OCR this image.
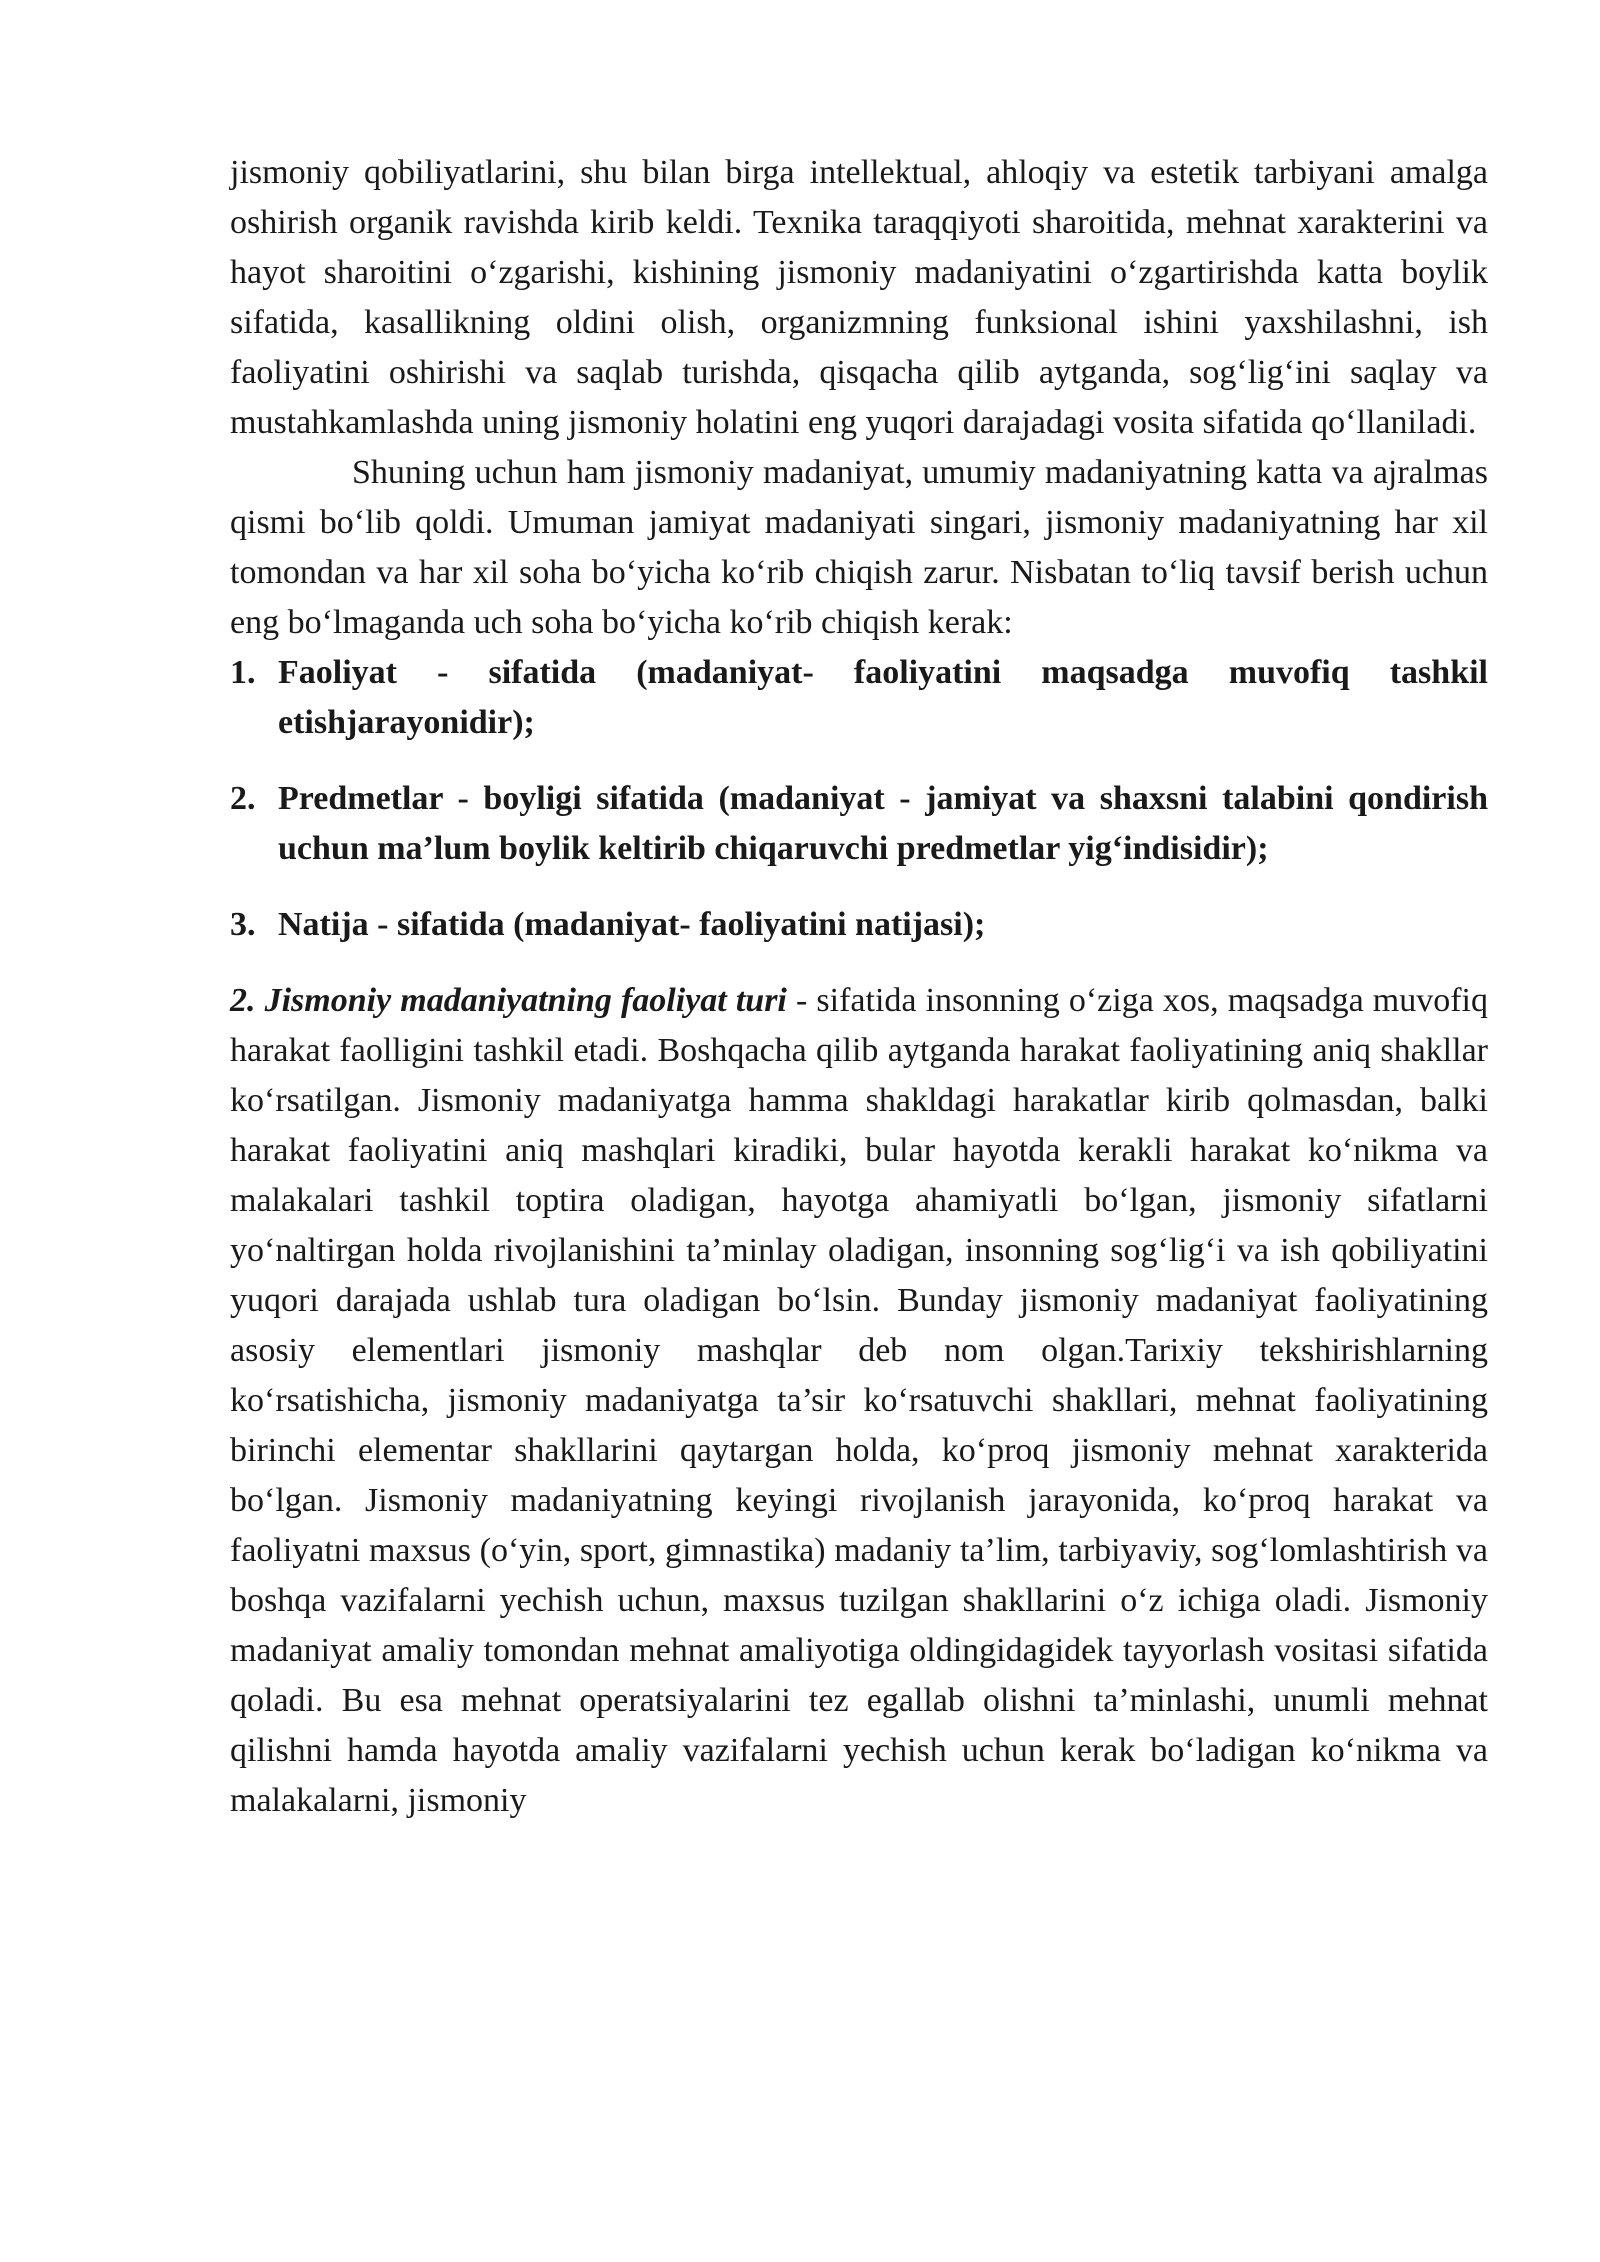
jismoniy qobiliyatlarini, shu bilan birga intellektual, ahloqiy va estetik tarbiyani amalga oshirish organik ravishda kirib keldi. Texnika taraqqiyoti sharoitida, mehnat xarakterini va hayot sharoitini o‘zgarishi, kishining jismoniy madaniyatini o‘zgartirishda katta boylik sifatida, kasallikning oldini olish, organizmning funksional ishini yaxshilashni, ish faoliyatini oshirishi va saqlab turishda, qisqacha qilib aytganda, sog‘lig‘ini saqlay va mustahkamlashda uning jismoniy holatini eng yuqori darajadagi vosita sifatida qo‘llaniladi.

Shuning uchun ham jismoniy madaniyat, umumiy madaniyatning katta va ajralmas qismi bo‘lib qoldi. Umuman jamiyat madaniyati singari, jismoniy madaniyatning har xil tomondan va har xil soha bo‘yicha ko‘rib chiqish zarur. Nisbatan to‘liq tavsif berish uchun eng bo‘lmaganda uch soha bo‘yicha ko‘rib chiqish kerak:

1. Faoliyat - sifatida (madaniyat- faoliyatini maqsadga muvofiq tashkil etishjarayonidir);
2. Predmetlar - boyligi sifatida (madaniyat - jamiyat va shaxsni talabini qondirish uchun ma’lum boylik keltirib chiqaruvchi predmetlar yig‘indisidir);
3. Natija - sifatida (madaniyat- faoliyatini natijasi);

2. Jismoniy madaniyatning faoliyat turi - sifatida insonning o‘ziga xos, maqsadga muvofiq harakat faolligini tashkil etadi. Boshqacha qilib aytganda harakat faoliyatining aniq shakllar ko‘rsatilgan. Jismoniy madaniyatga hamma shakldagi harakatlar kirib qolmasdan, balki harakat faoliyatini aniq mashqlari kiradiki, bular hayotda kerakli harakat ko‘nikma va malakalari tashkil toptira oladigan, hayotga ahamiyatli bo‘lgan, jismoniy sifatlarni yo‘naltirgan holda rivojlanishini ta’minlay oladigan, insonning sog‘lig‘i va ish qobiliyatini yuqori darajada ushlab tura oladigan bo‘lsin. Bunday jismoniy madaniyat faoliyatining asosiy elementlari jismoniy mashqlar deb nom olgan.Tarixiy tekshirishlarning ko‘rsatishicha, jismoniy madaniyatga ta’sir ko‘rsatuvchi shakllari, mehnat faoliyatining birinchi elementar shakllarini qaytargan holda, ko‘proq jismoniy mehnat xarakterida bo‘lgan. Jismoniy madaniyatning keyingi rivojlanish jarayonida, ko‘proq harakat va faoliyatni maxsus (o‘yin, sport, gimnastika) madaniy ta’lim, tarbiyaviy, sog‘lomlashtirish va boshqa vazifalarni yechish uchun, maxsus tuzilgan shakllarini o‘z ichiga oladi. Jismoniy madaniyat amaliy tomondan mehnat amaliyotiga oldingidagidek tayyorlash vositasi sifatida qoladi. Bu esa mehnat operatsiyalarini tez egallab olishni ta’minlashi, unumli mehnat qilishni hamda hayotda amaliy vazifalarni yechish uchun kerak bo‘ladigan ko‘nikma va malakalarni, jismoniy
